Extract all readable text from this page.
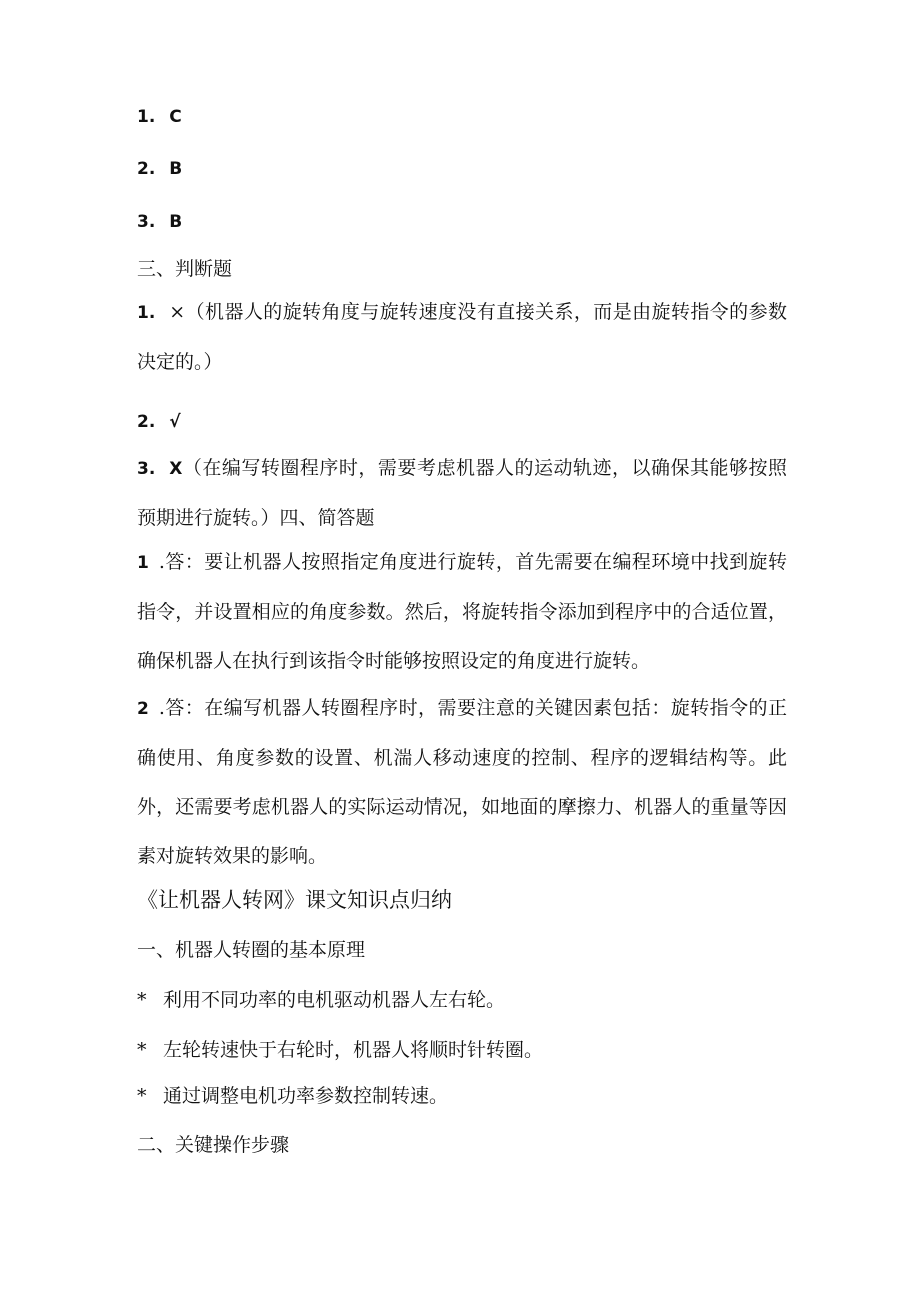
1. C
2. B
3. B
三、判断题
1. ×（机器人的旋转角度与旋转速度没有直接关系，而是由旋转指令的参数决定的。）
2. √
3. X（在编写转圈程序时，需要考虑机器人的运动轨迹，以确保其能够按照预期进行旋转。）四、简答题
1 .答：要让机器人按照指定角度进行旋转，首先需要在编程环境中找到旋转指令，并设置相应的角度参数。然后，将旋转指令添加到程序中的合适位置，确保机器人在执行到该指令时能够按照设定的角度进行旋转。
2 .答：在编写机器人转圈程序时，需要注意的关键因素包括：旋转指令的正确使用、角度参数的设置、机湍人移动速度的控制、程序的逻辑结构等。此外，还需要考虑机器人的实际运动情况，如地面的摩擦力、机器人的重量等因素对旋转效果的影响。
《让机器人转网》课文知识点归纳
一、机器人转圈的基本原理
* 利用不同功率的电机驱动机器人左右轮。
* 左轮转速快于右轮时，机器人将顺时针转圈。
* 通过调整电机功率参数控制转速。
二、关键操作步骤
